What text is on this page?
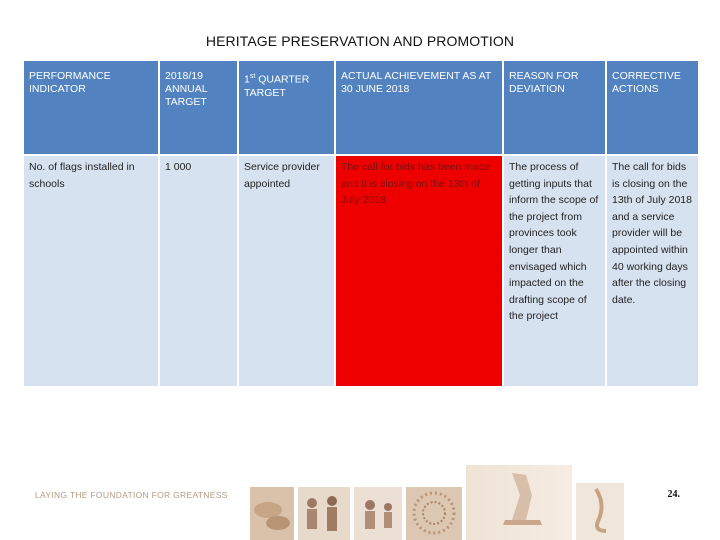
HERITAGE PRESERVATION AND PROMOTION
PERFORMANCE INDICATOR	2018/19 ANNUAL TARGET	1st QUARTER TARGET	ACTUAL ACHIEVEMENT AS AT 30 JUNE 2018	REASON FOR DEVIATION	CORRECTIVE ACTIONS
No. of flags installed in schools	1 000	Service provider appointed	The call for bids has been made and it is closing on the 13th of July 2018.	The process of getting inputs that inform the scope of the project from provinces took longer than envisaged which impacted on the drafting scope of the project	The call for bids is closing on the 13th of July 2018 and a service provider will be appointed within 40 working days after the closing date.
LAYING THE FOUNDATION FOR GREATNESS	24.
